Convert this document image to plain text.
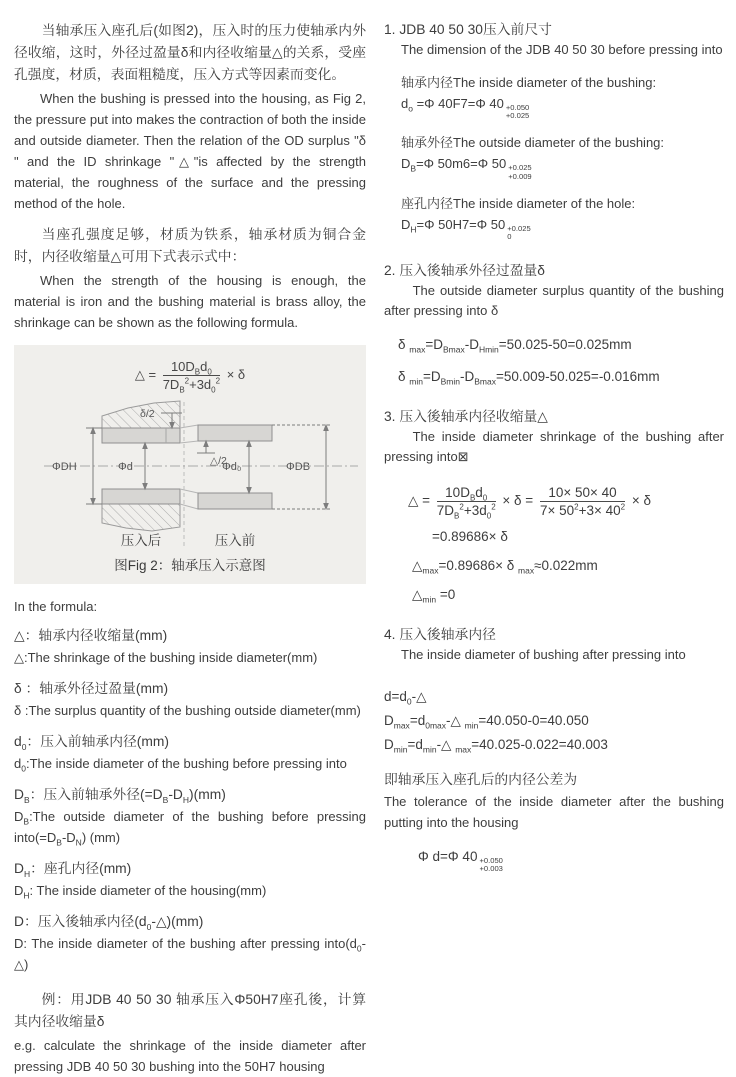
当轴承压入座孔后(如图2)，压入时的压力使轴承内外径收缩，这时，外径过盈量δ和内径收缩量△的关系，受座孔强度，材质，表面粗糙度，压入方式等因素而变化。

When the bushing is pressed into the housing, as Fig 2, the pressure put into makes the contraction of both the inside and outside diameter. Then the relation of the OD surplus "δ " and the ID shrinkage "△"is affected by the strength material, the roughness of the surface and the pressing method of the hole.

当座孔强度足够，材质为铁系，轴承材质为铜合金时，内径收缩量△可用下式表示式中：

When the strength of the housing is enough, the material is iron and the bushing material is brass alloy, the shrinkage can be shown as the following formula.

△ = $\frac{10D_Bd_0}{7D_B^2+3d_0^2} \times \delta$
δ/2
△/2
ΦDH	Φd	Φd₀	ΦDB
压入后	压入前

图Fig 2：轴承压入示意图

In the formula:

△：轴承内径收缩量(mm)

△:The shrinkage of the bushing inside diameter(mm)

δ ：轴承外径过盈量(mm)

δ :The surplus quantity of the bushing outside diameter(mm)

$d_0$：压入前轴承内径(mm)

$d_0:The$ inside diameter of the bushing before pressing into

$D_B$：压入前轴承外径$(=D_B-D_H)(mm)$

$D_B:The$ outside diameter of the bushing before pressing $into(=D_B-D_N)$ (mm)

$D_H$：座孔内径(mm)

$D_H$: The inside diameter of the housing(mm)

D：压入後轴承内径$(d_0-\triangle)(mm)$

D: The inside diameter of the bushing after pressing $into(d_0-\triangle)$

例：用JDB 40 50 30 轴承压入Φ50H7座孔後，计算其内径收缩量δ

e.g. calculate the shrinkage of the inside diameter after pressing JDB 40 50 30 bushing into the 50H7 housing

1. JDB 40 50 30压入前尺寸

The dimension of the JDB 40 50 30 before pressing into

轴承内径The inside diameter of the bushing:

$d_o =\Phi$ 40F7=Φ 40 +0.050
+0.025

轴承外径The outside diameter of the bushing:

$D_B=\Phi$ 50m6=Φ 50 +0.025
+0.009

座孔内径The inside diameter of the hole:

$D_H=\Phi$ 50H7=Φ 50 +0.025
0

2. 压入後轴承外径过盈量δ

The outside diameter surplus quantity of the bushing after pressing into δ

δ $_{max}=D_{Bmax}-D_{Hmin}=50.025-50=0.025mm$

δ $_{min}=D_{Bmin}-D_{Bmax}=50.009-50.025=-0.016mm$

3. 压入後轴承内径收缩量△

The inside diameter shrinkage of the bushing after pressing into⊠

△ = $\frac{10D_Bd_0}{7D_B^2+3d_0^2} \times \delta = \frac{10\times 50\times 40}{7\times 50^2+3\times 40^2} \times \delta$

=0.89686× δ

$\triangle_{max}=0.89686\times \delta$ $_{max}$≈0.022mm

$\triangle_{min} =0$

4. 压入後轴承内径

The inside diameter of bushing after pressing into

$d=d_0-\triangle$

$D_{max}=d_{0max}-\triangle$ $_{min}$=40.050-0=40.050

$D_{min}=d_{min}-\triangle$ $_{max}$=40.025-0.022=40.003

即轴承压入座孔后的内径公差为

The tolerance of the inside diameter after the bushing putting into the housing

Φ d=Φ 40 +0.050
+0.003
